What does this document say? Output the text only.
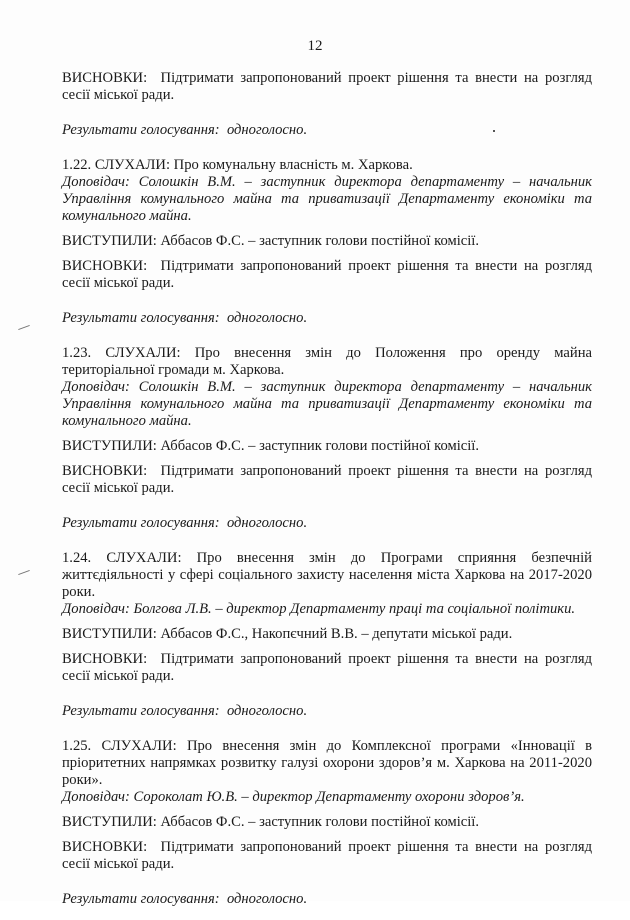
12

ВИСНОВКИ: Підтримати запропонований проект рішення та внести на розгляд сесії міської ради.

Результати голосування: одноголосно.

1.22. СЛУХАЛИ: Про комунальну власність м. Харкова.

Доповідач: Солошкін В.М. – заступник директора департаменту – начальник Управління комунального майна та приватизації Департаменту економіки та комунального майна.

ВИСТУПИЛИ: Аббасов Ф.С. – заступник голови постійної комісії.

ВИСНОВКИ: Підтримати запропонований проект рішення та внести на розгляд сесії міської ради.

Результати голосування: одноголосно.

1.23. СЛУХАЛИ: Про внесення змін до Положення про оренду майна територіальної громади м. Харкова.

Доповідач: Солошкін В.М. – заступник директора департаменту – начальник Управління комунального майна та приватизації Департаменту економіки та комунального майна.

ВИСТУПИЛИ: Аббасов Ф.С. – заступник голови постійної комісії.

ВИСНОВКИ: Підтримати запропонований проект рішення та внести на розгляд сесії міської ради.

Результати голосування: одноголосно.

1.24. СЛУХАЛИ: Про внесення змін до Програми сприяння безпечній життєдіяльності у сфері соціального захисту населення міста Харкова на 2017-2020 роки.

Доповідач: Болгова Л.В. – директор Департаменту праці та соціальної політики.

ВИСТУПИЛИ: Аббасов Ф.С., Накопєчний В.В. – депутати міської ради.

ВИСНОВКИ: Підтримати запропонований проект рішення та внести на розгляд сесії міської ради.

Результати голосування: одноголосно.

1.25. СЛУХАЛИ: Про внесення змін до Комплексної програми «Інновації в пріоритетних напрямках розвитку галузі охорони здоров’я м. Харкова на 2011-2020 роки».

Доповідач: Сороколат Ю.В. – директор Департаменту охорони здоров’я.

ВИСТУПИЛИ: Аббасов Ф.С. – заступник голови постійної комісії.

ВИСНОВКИ: Підтримати запропонований проект рішення та внести на розгляд сесії міської ради.

Результати голосування: одноголосно.
